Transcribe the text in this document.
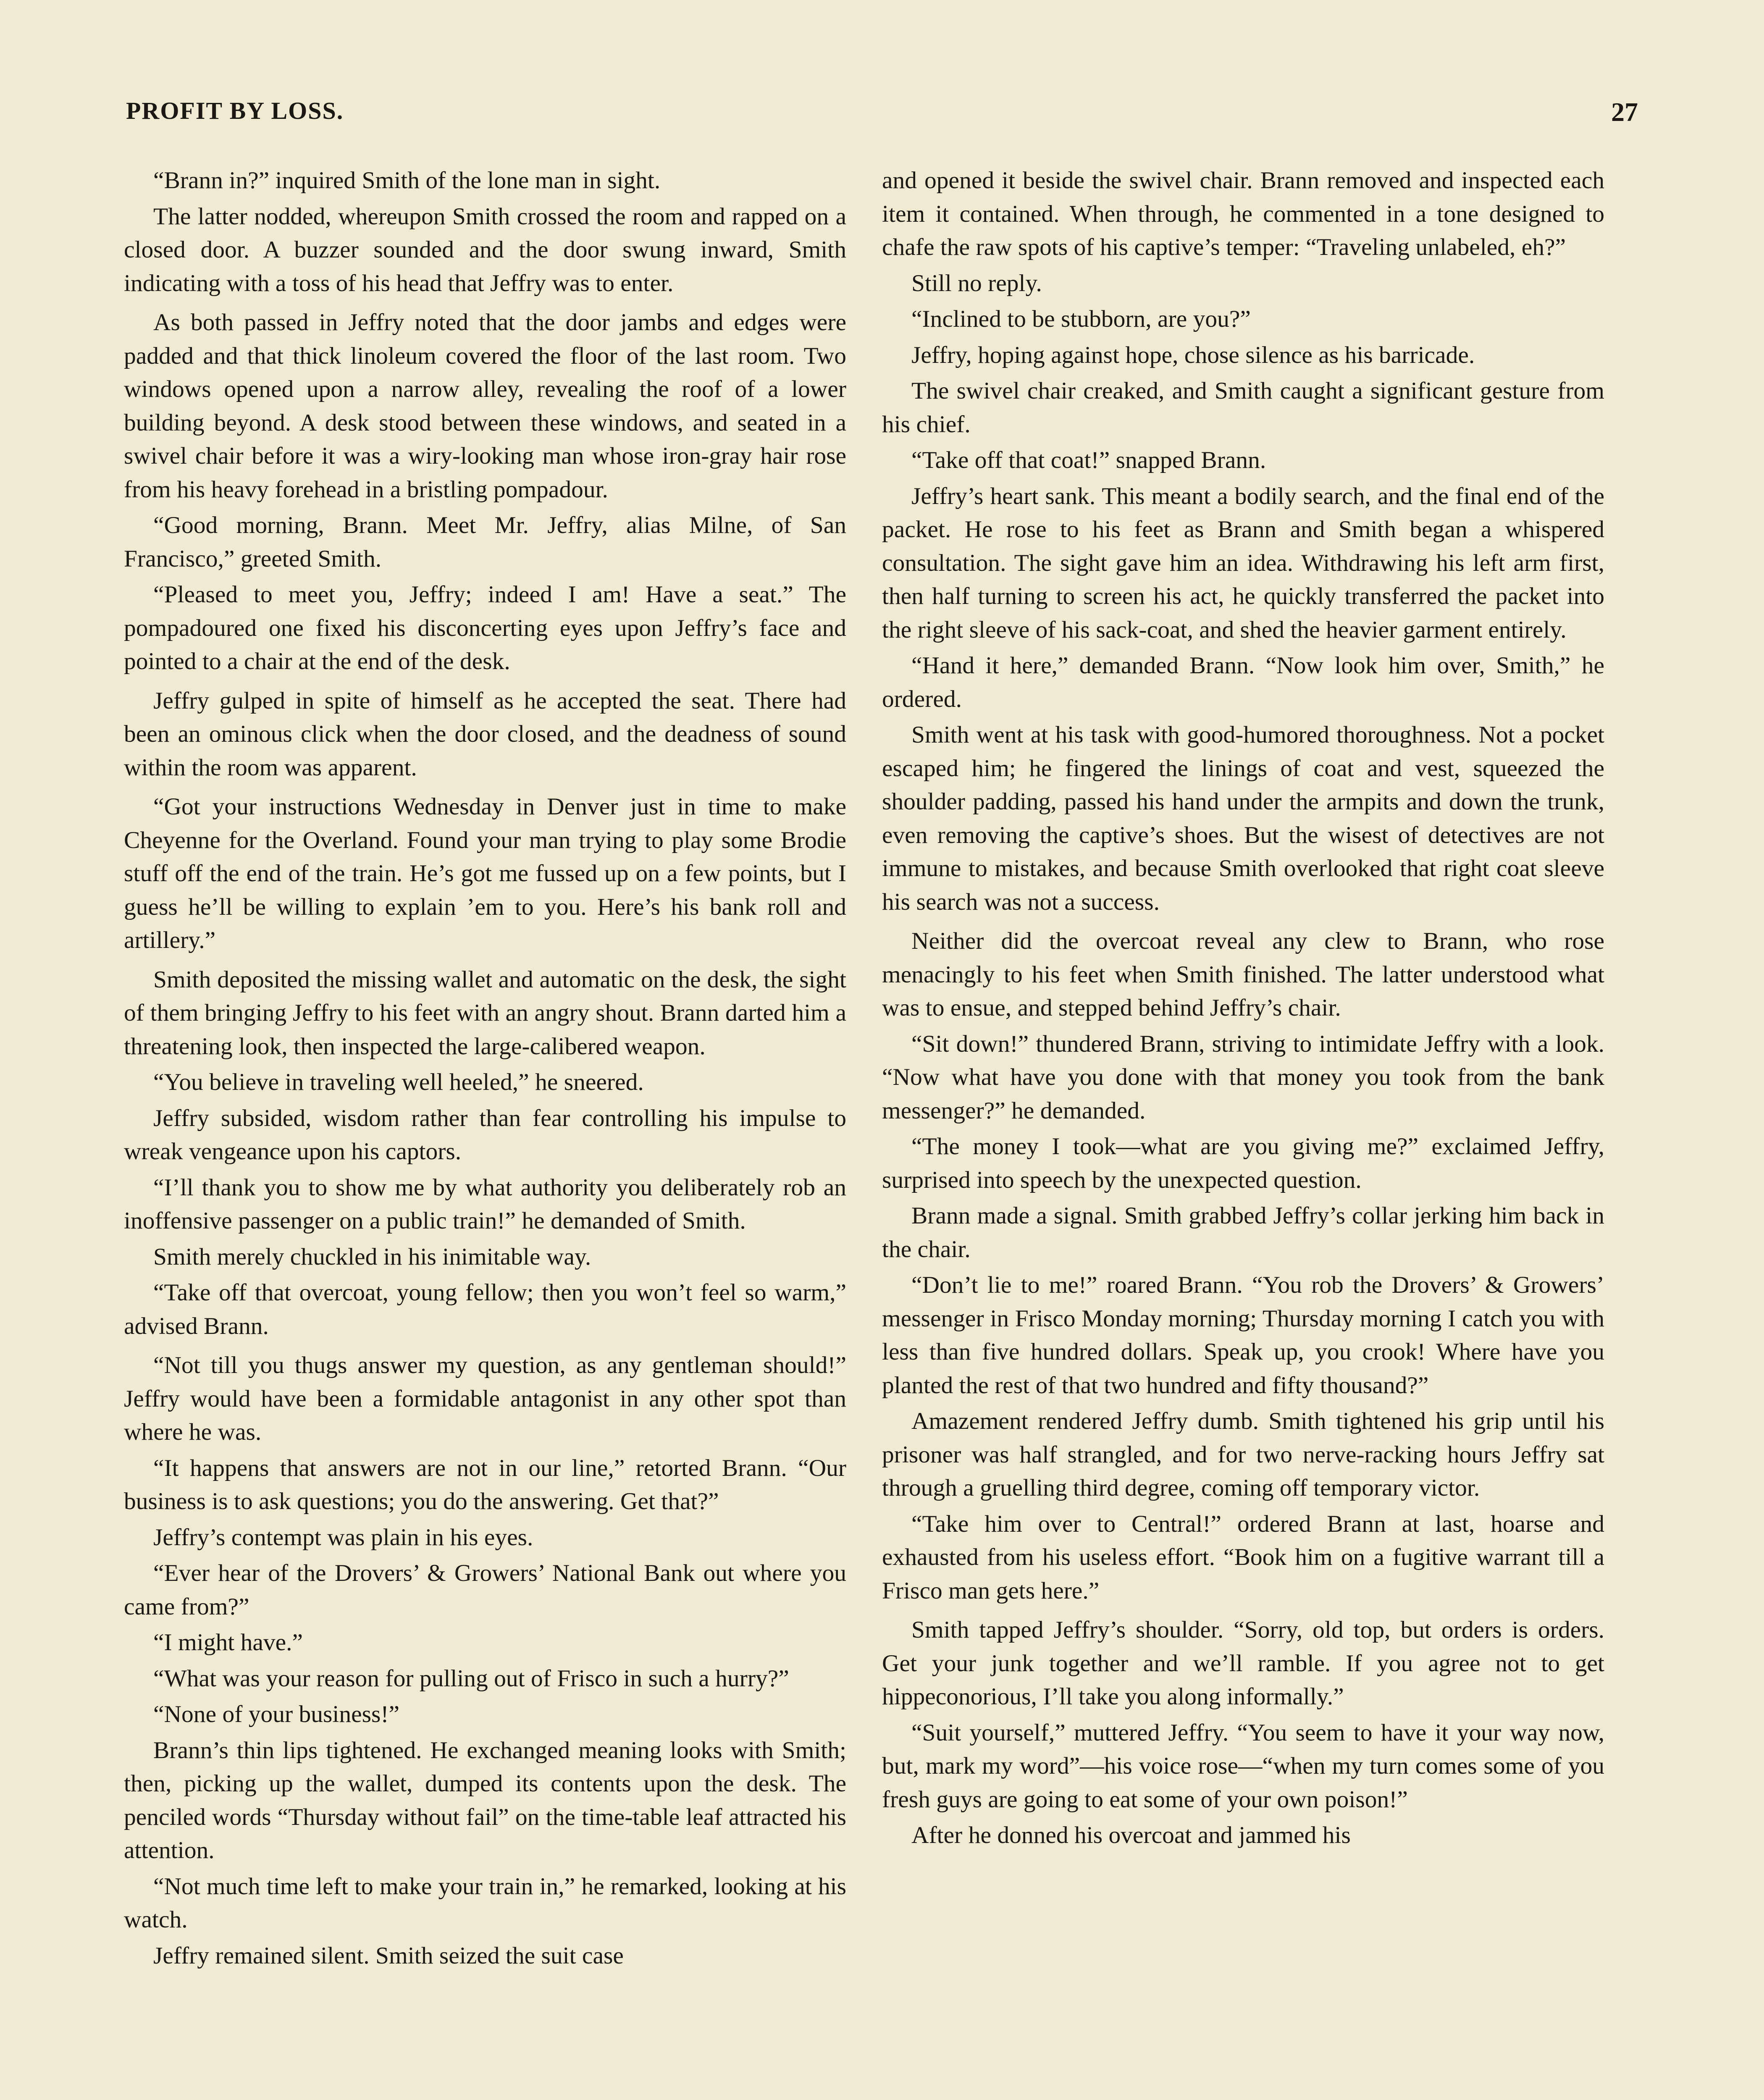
PROFIT BY LOSS.	27

“Brann in?” inquired Smith of the lone man in sight.

The latter nodded, whereupon Smith crossed the room and rapped on a closed door. A buzzer sounded and the door swung inward, Smith indicating with a toss of his head that Jeffry was to enter.

As both passed in Jeffry noted that the door jambs and edges were padded and that thick linoleum covered the floor of the last room. Two windows opened upon a narrow alley, revealing the roof of a lower building beyond. A desk stood between these windows, and seated in a swivel chair before it was a wiry-looking man whose iron-gray hair rose from his heavy forehead in a bristling pompadour.

“Good morning, Brann. Meet Mr. Jeffry, alias Milne, of San Francisco,” greeted Smith.

“Pleased to meet you, Jeffry; indeed I am! Have a seat.” The pompadoured one fixed his disconcerting eyes upon Jeffry’s face and pointed to a chair at the end of the desk.

Jeffry gulped in spite of himself as he accepted the seat. There had been an ominous click when the door closed, and the deadness of sound within the room was apparent.

“Got your instructions Wednesday in Denver just in time to make Cheyenne for the Overland. Found your man trying to play some Brodie stuff off the end of the train. He’s got me fussed up on a few points, but I guess he’ll be willing to explain ’em to you. Here’s his bank roll and artillery.”

Smith deposited the missing wallet and automatic on the desk, the sight of them bringing Jeffry to his feet with an angry shout. Brann darted him a threatening look, then inspected the large-calibered weapon.

“You believe in traveling well heeled,” he sneered.

Jeffry subsided, wisdom rather than fear controlling his impulse to wreak vengeance upon his captors.

“I’ll thank you to show me by what authority you deliberately rob an inoffensive passenger on a public train!” he demanded of Smith.

Smith merely chuckled in his inimitable way.

“Take off that overcoat, young fellow; then you won’t feel so warm,” advised Brann.

“Not till you thugs answer my question, as any gentleman should!” Jeffry would have been a formidable antagonist in any other spot than where he was.

“It happens that answers are not in our line,” retorted Brann. “Our business is to ask questions; you do the answering. Get that?”

Jeffry’s contempt was plain in his eyes.

“Ever hear of the Drovers’ & Growers’ National Bank out where you came from?”

“I might have.”

“What was your reason for pulling out of Frisco in such a hurry?”

“None of your business!”

Brann’s thin lips tightened. He exchanged meaning looks with Smith; then, picking up the wallet, dumped its contents upon the desk. The penciled words “Thursday without fail” on the time-table leaf attracted his attention.

“Not much time left to make your train in,” he remarked, looking at his watch.

Jeffry remained silent. Smith seized the suit case

and opened it beside the swivel chair. Brann removed and inspected each item it contained. When through, he commented in a tone designed to chafe the raw spots of his captive’s temper: “Traveling unlabeled, eh?”

Still no reply.

“Inclined to be stubborn, are you?”

Jeffry, hoping against hope, chose silence as his barricade.

The swivel chair creaked, and Smith caught a significant gesture from his chief.

“Take off that coat!” snapped Brann.

Jeffry’s heart sank. This meant a bodily search, and the final end of the packet. He rose to his feet as Brann and Smith began a whispered consultation. The sight gave him an idea. Withdrawing his left arm first, then half turning to screen his act, he quickly transferred the packet into the right sleeve of his sack-coat, and shed the heavier garment entirely.

“Hand it here,” demanded Brann. “Now look him over, Smith,” he ordered.

Smith went at his task with good-humored thoroughness. Not a pocket escaped him; he fingered the linings of coat and vest, squeezed the shoulder padding, passed his hand under the armpits and down the trunk, even removing the captive’s shoes. But the wisest of detectives are not immune to mistakes, and because Smith overlooked that right coat sleeve his search was not a success.

Neither did the overcoat reveal any clew to Brann, who rose menacingly to his feet when Smith finished. The latter understood what was to ensue, and stepped behind Jeffry’s chair.

“Sit down!” thundered Brann, striving to intimidate Jeffry with a look. “Now what have you done with that money you took from the bank messenger?” he demanded.

“The money I took—what are you giving me?” exclaimed Jeffry, surprised into speech by the unexpected question.

Brann made a signal. Smith grabbed Jeffry’s collar jerking him back in the chair.

“Don’t lie to me!” roared Brann. “You rob the Drovers’ & Growers’ messenger in Frisco Monday morning; Thursday morning I catch you with less than five hundred dollars. Speak up, you crook! Where have you planted the rest of that two hundred and fifty thousand?”

Amazement rendered Jeffry dumb. Smith tightened his grip until his prisoner was half strangled, and for two nerve-racking hours Jeffry sat through a gruelling third degree, coming off temporary victor.

“Take him over to Central!” ordered Brann at last, hoarse and exhausted from his useless effort. “Book him on a fugitive warrant till a Frisco man gets here.”

Smith tapped Jeffry’s shoulder. “Sorry, old top, but orders is orders. Get your junk together and we’ll ramble. If you agree not to get hippeconorious, I’ll take you along informally.”

“Suit yourself,” muttered Jeffry. “You seem to have it your way now, but, mark my word”—his voice rose—“when my turn comes some of you fresh guys are going to eat some of your own poison!”

After he donned his overcoat and jammed his
